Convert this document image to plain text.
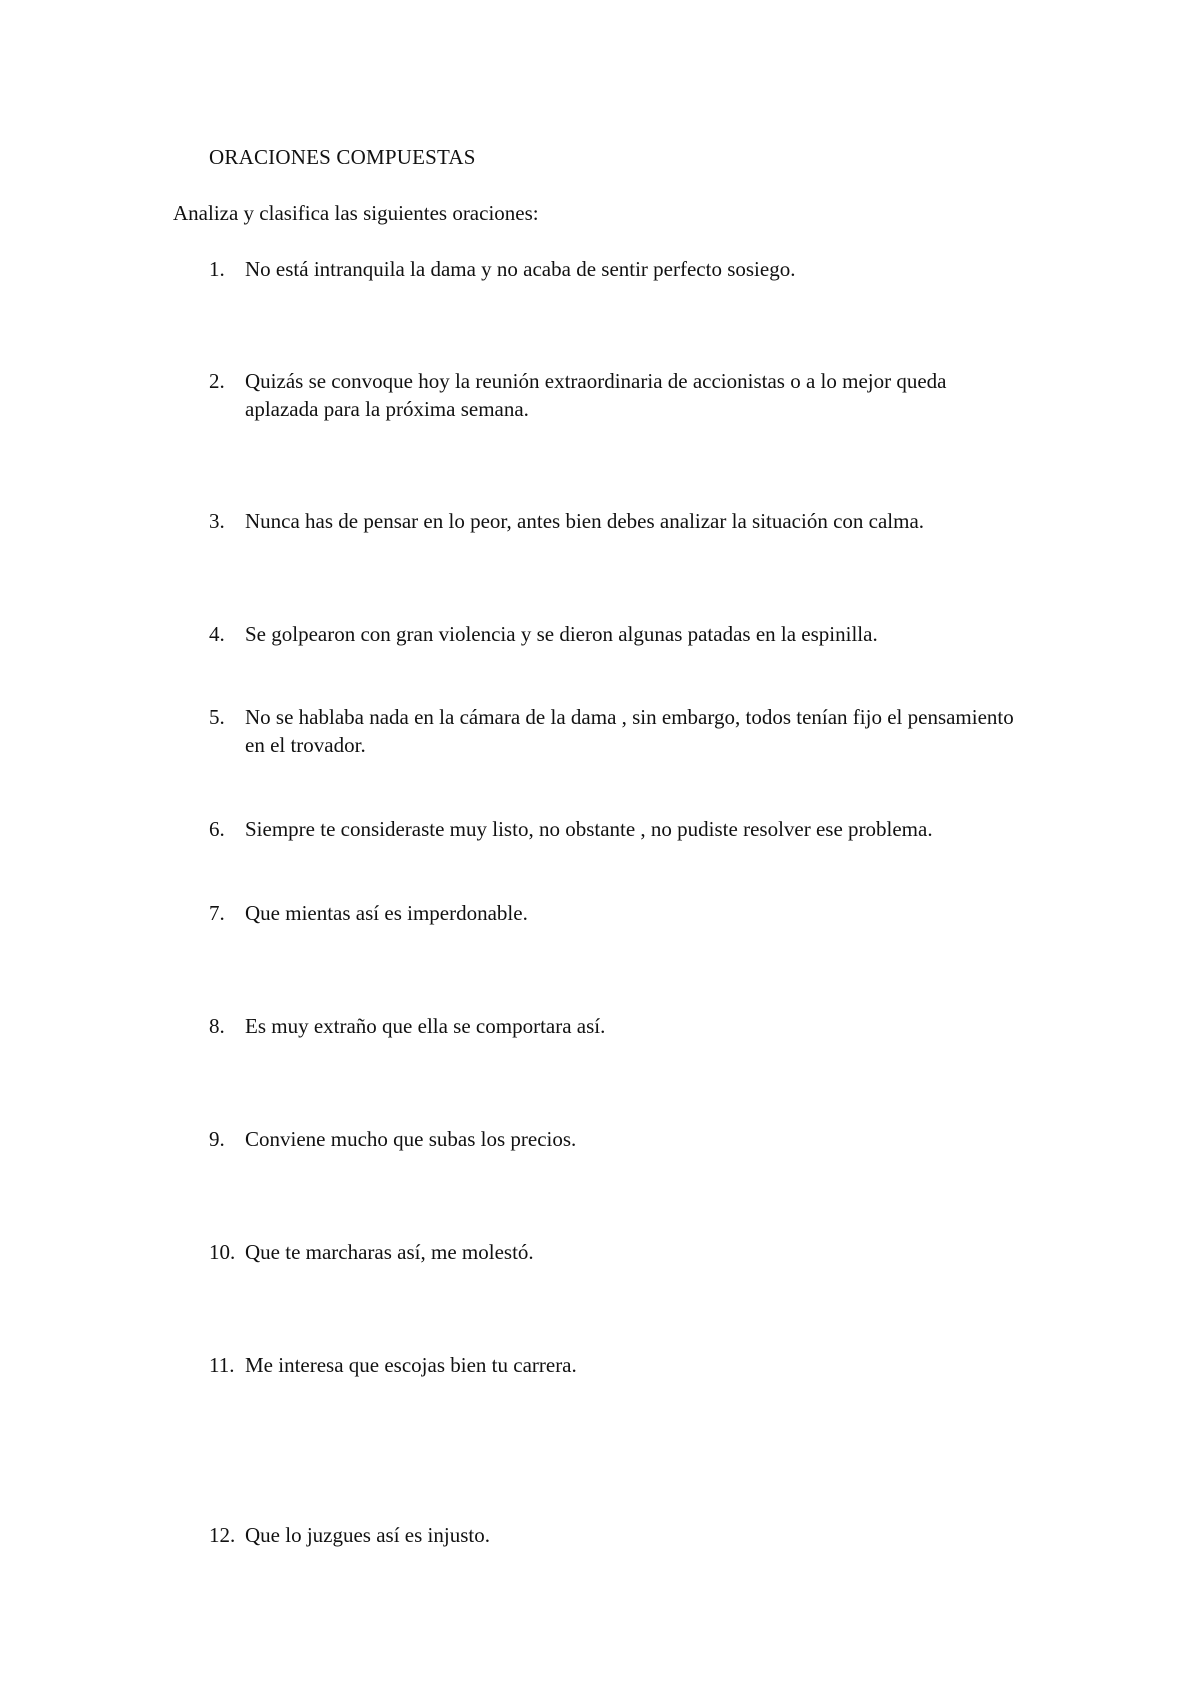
ORACIONES COMPUESTAS
Analiza y clasifica las siguientes oraciones:
1. No está intranquila la dama y no acaba de sentir perfecto sosiego.
2. Quizás se convoque hoy la reunión extraordinaria de accionistas o a lo mejor queda aplazada para la próxima semana.
3. Nunca has de pensar en lo peor, antes bien debes analizar la situación con calma.
4. Se golpearon con gran violencia y se dieron algunas patadas en la espinilla.
5. No se hablaba nada en la cámara de la dama , sin embargo, todos tenían fijo el pensamiento en el trovador.
6. Siempre te consideraste muy listo, no obstante , no pudiste resolver ese problema.
7. Que mientas así es imperdonable.
8. Es muy extraño que ella se comportara así.
9. Conviene mucho que subas los precios.
10. Que te marcharas así, me molestó.
11. Me interesa que escojas bien tu carrera.
12. Que lo juzgues así es injusto.
